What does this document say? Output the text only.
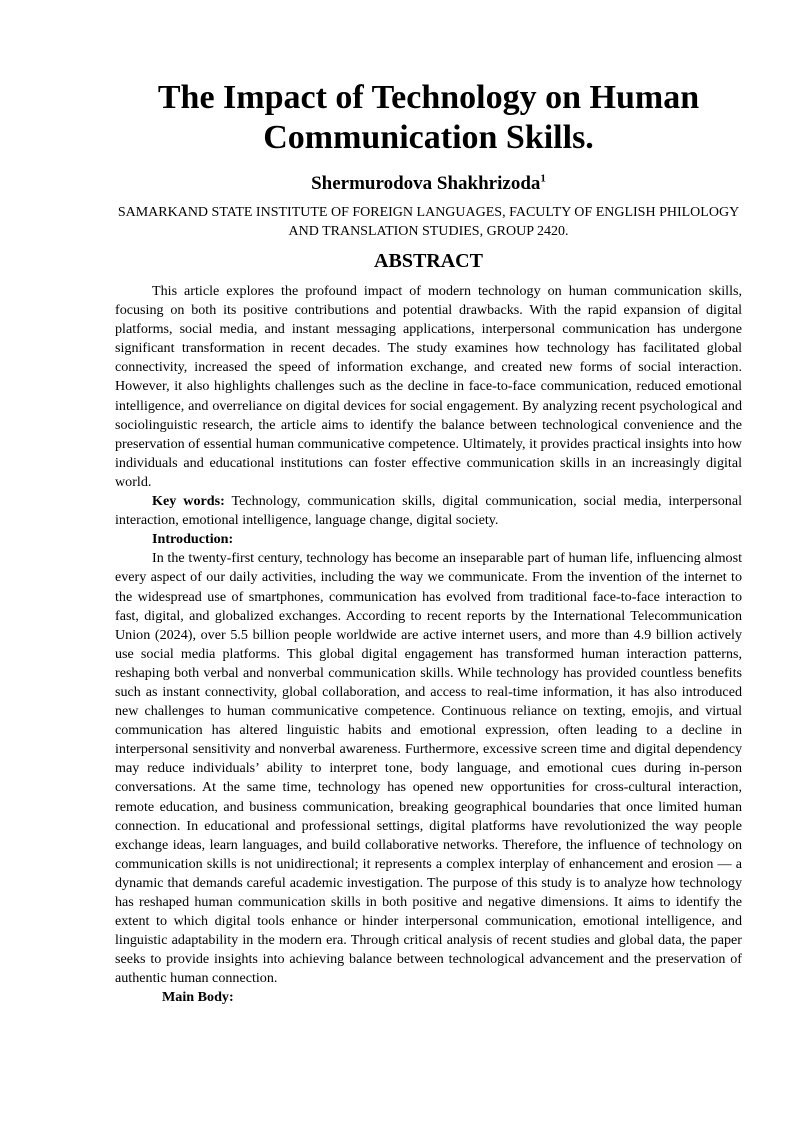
The Impact of Technology on Human Communication Skills.

Shermurodova Shakhrizoda$^1$

SAMARKAND STATE INSTITUTE OF FOREIGN LANGUAGES, FACULTY OF ENGLISH PHILOLOGY AND TRANSLATION STUDIES, GROUP 2420.

ABSTRACT

This article explores the profound impact of modern technology on human communication skills, focusing on both its positive contributions and potential drawbacks. With the rapid expansion of digital platforms, social media, and instant messaging applications, interpersonal communication has undergone significant transformation in recent decades. The study examines how technology has facilitated global connectivity, increased the speed of information exchange, and created new forms of social interaction. However, it also highlights challenges such as the decline in face-to-face communication, reduced emotional intelligence, and overreliance on digital devices for social engagement. By analyzing recent psychological and sociolinguistic research, the article aims to identify the balance between technological convenience and the preservation of essential human communicative competence. Ultimately, it provides practical insights into how individuals and educational institutions can foster effective communication skills in an increasingly digital world.

Key words: Technology, communication skills, digital communication, social media, interpersonal interaction, emotional intelligence, language change, digital society.

Introduction:

In the twenty-first century, technology has become an inseparable part of human life, influencing almost every aspect of our daily activities, including the way we communicate. From the invention of the internet to the widespread use of smartphones, communication has evolved from traditional face-to-face interaction to fast, digital, and globalized exchanges. According to recent reports by the International Telecommunication Union (2024), over 5.5 billion people worldwide are active internet users, and more than 4.9 billion actively use social media platforms. This global digital engagement has transformed human interaction patterns, reshaping both verbal and nonverbal communication skills. While technology has provided countless benefits such as instant connectivity, global collaboration, and access to real-time information, it has also introduced new challenges to human communicative competence. Continuous reliance on texting, emojis, and virtual communication has altered linguistic habits and emotional expression, often leading to a decline in interpersonal sensitivity and nonverbal awareness. Furthermore, excessive screen time and digital dependency may reduce individuals’ ability to interpret tone, body language, and emotional cues during in-person conversations. At the same time, technology has opened new opportunities for cross-cultural interaction, remote education, and business communication, breaking geographical boundaries that once limited human connection. In educational and professional settings, digital platforms have revolutionized the way people exchange ideas, learn languages, and build collaborative networks. Therefore, the influence of technology on communication skills is not unidirectional; it represents a complex interplay of enhancement and erosion — a dynamic that demands careful academic investigation. The purpose of this study is to analyze how technology has reshaped human communication skills in both positive and negative dimensions. It aims to identify the extent to which digital tools enhance or hinder interpersonal communication, emotional intelligence, and linguistic adaptability in the modern era. Through critical analysis of recent studies and global data, the paper seeks to provide insights into achieving balance between technological advancement and the preservation of authentic human connection.

Main Body:
